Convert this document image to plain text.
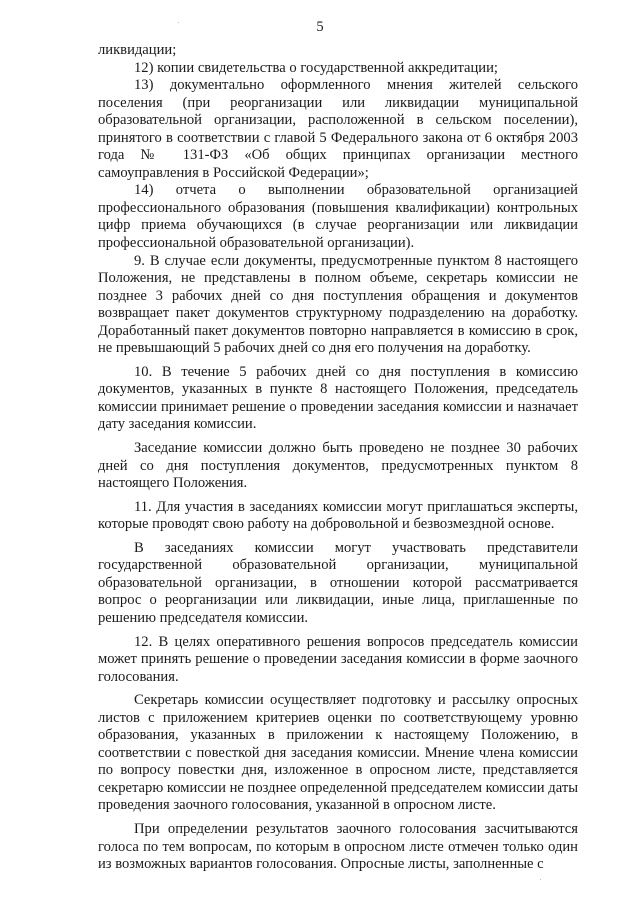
5

ликвидации;

12) копии свидетельства о государственной аккредитации;

13) документально оформленного мнения жителей сельского поселения (при реорганизации или ликвидации муниципальной образовательной организации, расположенной в сельском поселении), принятого в соответствии с главой 5 Федерального закона от 6 октября 2003 года № 131-ФЗ «Об общих принципах организации местного самоуправления в Российской Федерации»;

14) отчета о выполнении образовательной организацией профессионального образования (повышения квалификации) контрольных цифр приема обучающихся (в случае реорганизации или ликвидации профессиональной образовательной организации).

9. В случае если документы, предусмотренные пунктом 8 настоящего Положения, не представлены в полном объеме, секретарь комиссии не позднее 3 рабочих дней со дня поступления обращения и документов возвращает пакет документов структурному подразделению на доработку. Доработанный пакет документов повторно направляется в комиссию в срок, не превышающий 5 рабочих дней со дня его получения на доработку.

10. В течение 5 рабочих дней со дня поступления в комиссию документов, указанных в пункте 8 настоящего Положения, председатель комиссии принимает решение о проведении заседания комиссии и назначает дату заседания комиссии.

Заседание комиссии должно быть проведено не позднее 30 рабочих дней со дня поступления документов, предусмотренных пунктом 8 настоящего Положения.

11. Для участия в заседаниях комиссии могут приглашаться эксперты, которые проводят свою работу на добровольной и безвозмездной основе.

В заседаниях комиссии могут участвовать представители государственной образовательной организации, муниципальной образовательной организации, в отношении которой рассматривается вопрос о реорганизации или ликвидации, иные лица, приглашенные по решению председателя комиссии.

12. В целях оперативного решения вопросов председатель комиссии может принять решение о проведении заседания комиссии в форме заочного голосования.

Секретарь комиссии осуществляет подготовку и рассылку опросных листов с приложением критериев оценки по соответствующему уровню образования, указанных в приложении к настоящему Положению, в соответствии с повесткой дня заседания комиссии. Мнение члена комиссии по вопросу повестки дня, изложенное в опросном листе, представляется секретарю комиссии не позднее определенной председателем комиссии даты проведения заочного голосования, указанной в опросном листе.

При определении результатов заочного голосования засчитываются голоса по тем вопросам, по которым в опросном листе отмечен только один из возможных вариантов голосования. Опросные листы, заполненные с
